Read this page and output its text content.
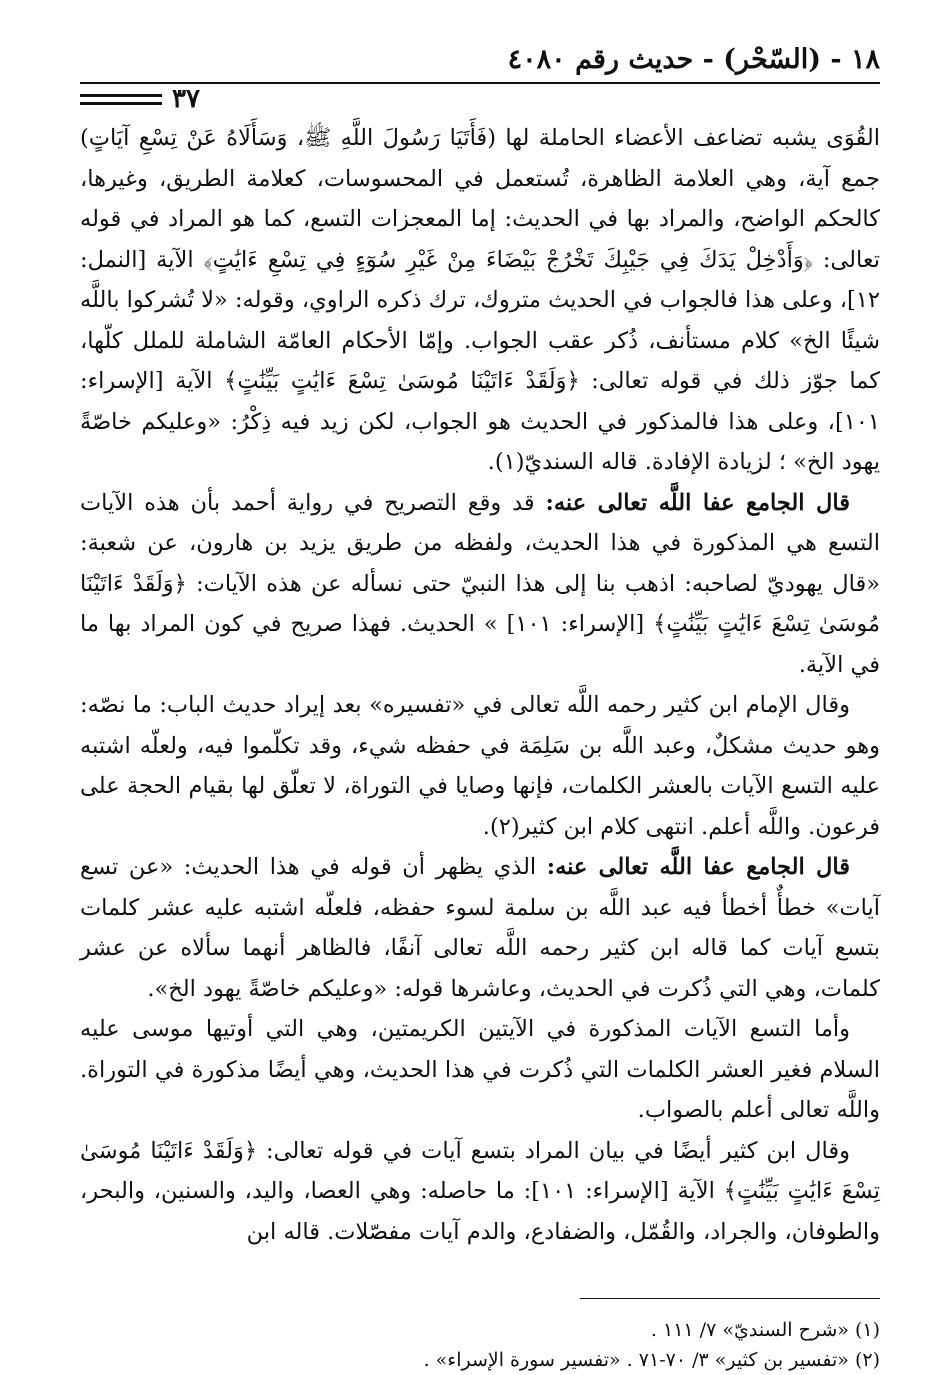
١٨ - (السّحْر) - حديث رقم ٤٠٨٠
٣٧

القُوَى يشبه تضاعف الأعضاء الحاملة لها (فَأَتَيَا رَسُولَ اللَّهِ ﷺ، وَسَأَلَاهُ عَنْ تِسْعِ آيَاتٍ) جمع آية، وهي العلامة الظاهرة، تُستعمل في المحسوسات، كعلامة الطريق، وغيرها، كالحكم الواضح، والمراد بها في الحديث: إما المعجزات التسع، كما هو المراد في قوله تعالى: ﴿وَأَدْخِلْ يَدَكَ فِي جَيْبِكَ تَخْرُجْ بَيْضَاءَ مِنْ غَيْرِ سُوٓءٍ فِي تِسْعِ ءَايَٰتٍ﴾ الآية [النمل: ١٢]، وعلى هذا فالجواب في الحديث متروك، ترك ذكره الراوي، وقوله: «لا تُشركوا باللَّه شيئًا الخ» كلام مستأنف، ذُكر عقب الجواب. وإمّا الأحكام العامّة الشاملة للملل كلّها، كما جوّز ذلك في قوله تعالى: ﴿وَلَقَدْ ءَاتَيْنَا مُوسَىٰ تِسْعَ ءَايَٰتٍ بَيِّنَٰتٍ﴾ الآية [الإسراء: ١٠١]، وعلى هذا فالمذكور في الحديث هو الجواب، لكن زيد فيه ذِكْرُ: «وعليكم خاصّةً يهود الخ» ؛ لزيادة الإفادة. قاله السنديّ(١).

قال الجامع عفا اللَّه تعالى عنه: قد وقع التصريح في رواية أحمد بأن هذه الآيات التسع هي المذكورة في هذا الحديث، ولفظه من طريق يزيد بن هارون، عن شعبة: «قال يهوديّ لصاحبه: اذهب بنا إلى هذا النبيّ حتى نسأله عن هذه الآيات: ﴿وَلَقَدْ ءَاتَيْنَا مُوسَىٰ تِسْعَ ءَايَٰتٍ بَيِّنَٰتٍ﴾ [الإسراء: ١٠١] » الحديث. فهذا صريح في كون المراد بها ما في الآية.

وقال الإمام ابن كثير رحمه اللَّه تعالى في «تفسيره» بعد إيراد حديث الباب: ما نصّه: وهو حديث مشكلٌ، وعبد اللَّه بن سَلِمَة في حفظه شيء، وقد تكلّموا فيه، ولعلّه اشتبه عليه التسع الآيات بالعشر الكلمات، فإنها وصايا في التوراة، لا تعلّق لها بقيام الحجة على فرعون. واللَّه أعلم. انتهى كلام ابن كثير(٢).

قال الجامع عفا اللَّه تعالى عنه: الذي يظهر أن قوله في هذا الحديث: «عن تسع آيات» خطأٌ أخطأ فيه عبد اللَّه بن سلمة لسوء حفظه، فلعلّه اشتبه عليه عشر كلمات بتسع آيات كما قاله ابن كثير رحمه اللَّه تعالى آنفًا، فالظاهر أنهما سألاه عن عشر كلمات، وهي التي ذُكرت في الحديث، وعاشرها قوله: «وعليكم خاصّةً يهود الخ».

وأما التسع الآيات المذكورة في الآيتين الكريمتين، وهي التي أوتيها موسى عليه السلام فغير العشر الكلمات التي ذُكرت في هذا الحديث، وهي أيضًا مذكورة في التوراة. واللَّه تعالى أعلم بالصواب.

وقال ابن كثير أيضًا في بيان المراد بتسع آيات في قوله تعالى: ﴿وَلَقَدْ ءَاتَيْنَا مُوسَىٰ تِسْعَ ءَايَٰتٍ بَيِّنَٰتٍ﴾ الآية [الإسراء: ١٠١]: ما حاصله: وهي العصا، واليد، والسنين، والبحر، والطوفان، والجراد، والقُمّل، والضفادع، والدم آيات مفصّلات. قاله ابن

(١) «شرح السنديّ» ٧/ ١١١ .
(٢) «تفسير بن كثير» ٣/ ٧٠-٧١ . «تفسير سورة الإسراء» .
